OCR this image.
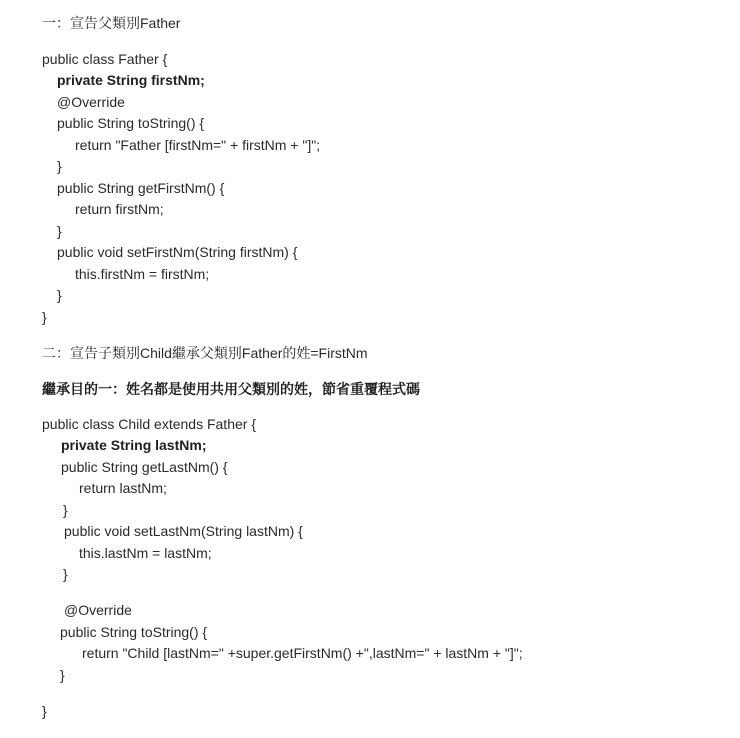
一：宣告父類別Father
public class Father {
private String firstNm;
@Override
public String toString() {
return "Father [firstNm=" + firstNm + "]";
}
public String getFirstNm() {
return firstNm;
}
public void setFirstNm(String firstNm) {
this.firstNm = firstNm;
}
}
二：宣告子類別Child繼承父類別Father的姓=FirstNm
繼承目的一：姓名都是使用共用父類別的姓，節省重覆程式碼
public class Child extends Father {
private String lastNm;
public String getLastNm() {
return lastNm;
}
public void setLastNm(String lastNm) {
this.lastNm = lastNm;
}
@Override
public String toString() {
return "Child [lastNm=" +super.getFirstNm() +",lastNm=" + lastNm + "]";
}
}
